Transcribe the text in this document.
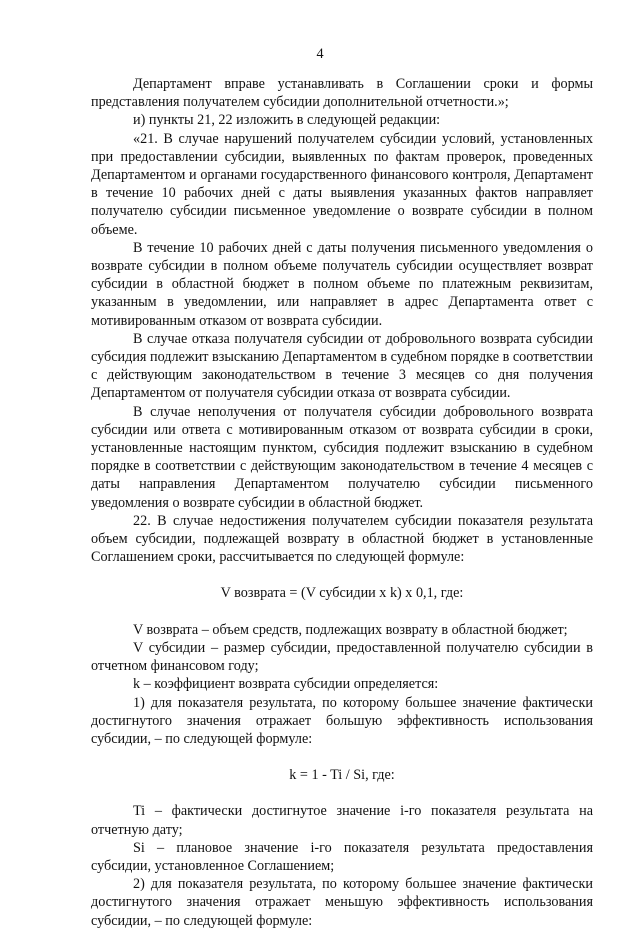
4

Департамент вправе устанавливать в Соглашении сроки и формы представления получателем субсидии дополнительной отчетности.»;

и) пункты 21, 22 изложить в следующей редакции:

«21. В случае нарушений получателем субсидии условий, установленных при предоставлении субсидии, выявленных по фактам проверок, проведенных Департаментом и органами государственного финансового контроля, Департамент в течение 10 рабочих дней с даты выявления указанных фактов направляет получателю субсидии письменное уведомление о возврате субсидии в полном объеме.

В течение 10 рабочих дней с даты получения письменного уведомления о возврате субсидии в полном объеме получатель субсидии осуществляет возврат субсидии в областной бюджет в полном объеме по платежным реквизитам, указанным в уведомлении, или направляет в адрес Департамента ответ с мотивированным отказом от возврата субсидии.

В случае отказа получателя субсидии от добровольного возврата субсидии субсидия подлежит взысканию Департаментом в судебном порядке в соответствии с действующим законодательством в течение 3 месяцев со дня получения Департаментом от получателя субсидии отказа от возврата субсидии.

В случае неполучения от получателя субсидии добровольного возврата субсидии или ответа с мотивированным отказом от возврата субсидии в сроки, установленные настоящим пунктом, субсидия подлежит взысканию в судебном порядке в соответствии с действующим законодательством в течение 4 месяцев с даты направления Департаментом получателю субсидии письменного уведомления о возврате субсидии в областной бюджет.

22. В случае недостижения получателем субсидии показателя результата объем субсидии, подлежащей возврату в областной бюджет в установленные Соглашением сроки, рассчитывается по следующей формуле:

V возврата = (V субсидии x k) x 0,1, где:

V возврата – объем средств, подлежащих возврату в областной бюджет;

V субсидии – размер субсидии, предоставленной получателю субсидии в отчетном финансовом году;

k – коэффициент возврата субсидии определяется:

1) для показателя результата, по которому большее значение фактически достигнутого значения отражает большую эффективность использования субсидии, – по следующей формуле:

k = 1 - Ti / Si, где:

Ti – фактически достигнутое значение i-го показателя результата на отчетную дату;

Si – плановое значение i-го показателя результата предоставления субсидии, установленное Соглашением;

2) для показателя результата, по которому большее значение фактически достигнутого значения отражает меньшую эффективность использования субсидии, – по следующей формуле:
